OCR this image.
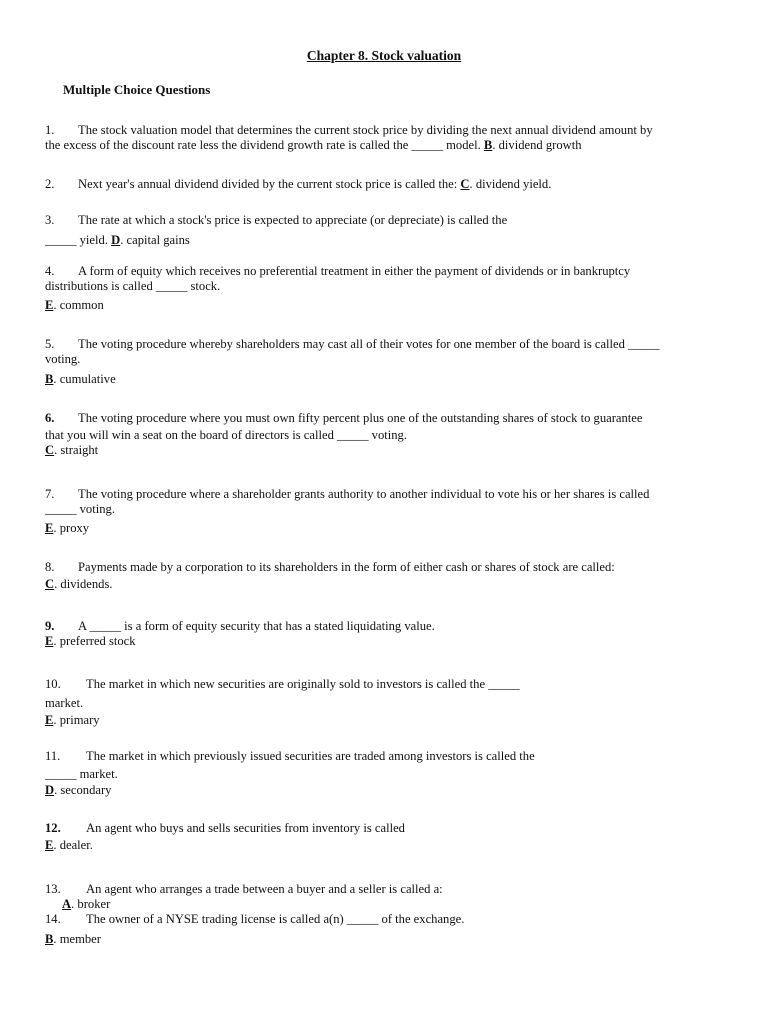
Chapter 8. Stock valuation
Multiple Choice Questions

1. The stock valuation model that determines the current stock price by dividing the next annual dividend amount by
the excess of the discount rate less the dividend growth rate is called the _____ model. B. dividend growth

2. Next year's annual dividend divided by the current stock price is called the: C. dividend yield.

3. The rate at which a stock's price is expected to appreciate (or depreciate) is called the
_____ yield. D. capital gains

4. A form of equity which receives no preferential treatment in either the payment of dividends or in bankruptcy
distributions is called _____ stock.

E. common

5. The voting procedure whereby shareholders may cast all of their votes for one member of the board is called _____
voting.

B. cumulative

6. The voting procedure where you must own fifty percent plus one of the outstanding shares of stock to guarantee
that you will win a seat on the board of directors is called _____ voting.

C. straight

7. The voting procedure where a shareholder grants authority to another individual to vote his or her shares is called
_____ voting.

E. proxy

8. Payments made by a corporation to its shareholders in the form of either cash or shares of stock are called:

C. dividends.

9. A _____ is a form of equity security that has a stated liquidating value.

E. preferred stock

10. The market in which new securities are originally sold to investors is called the _____
market.

E. primary

11. The market in which previously issued securities are traded among investors is called the
_____ market.

D. secondary

12. An agent who buys and sells securities from inventory is called

E. dealer.

13. An agent who arranges a trade between a buyer and a seller is called a:

A. broker

14. The owner of a NYSE trading license is called a(n) _____ of the exchange.

B. member
